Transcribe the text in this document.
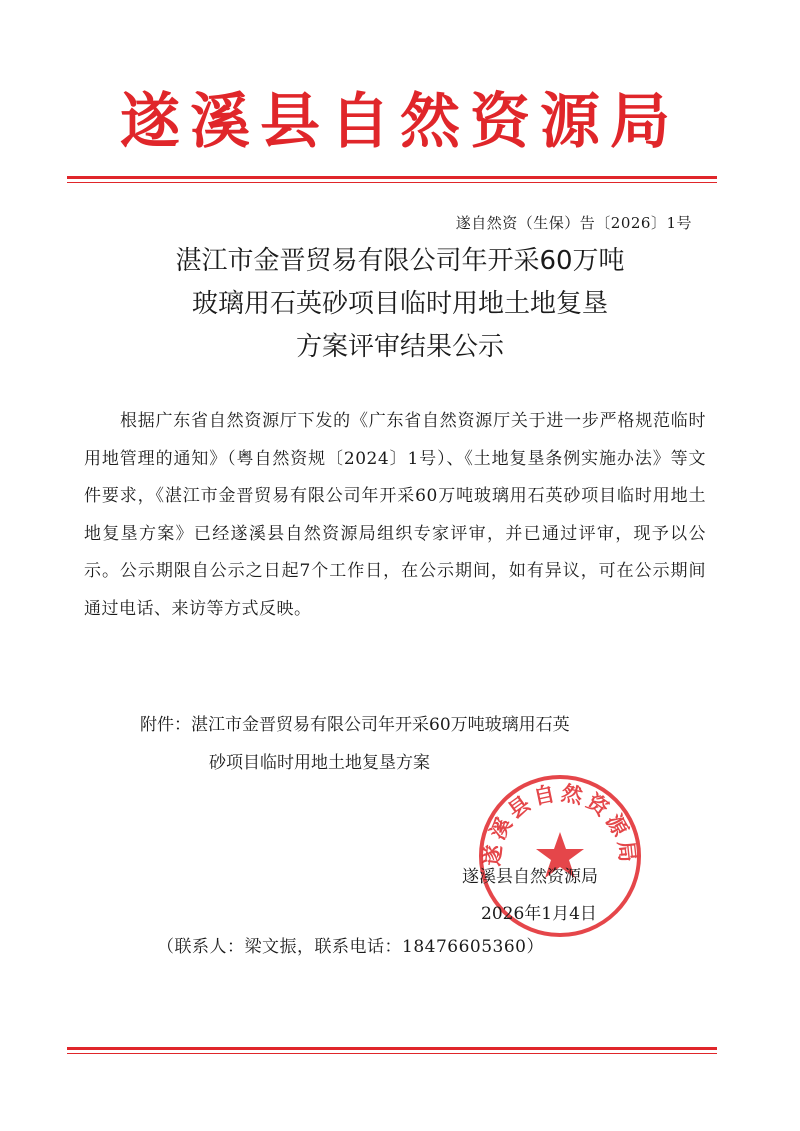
遂溪县自然资源局
遂自然资（生保）告〔2026〕1号
湛江市金晋贸易有限公司年开采60万吨
玻璃用石英砂项目临时用地土地复垦
方案评审结果公示
根据广东省自然资源厅下发的《广东省自然资源厅关于进一步严格规范临时用地管理的通知》（粤自然资规〔2024〕1号）、《土地复垦条例实施办法》等文件要求，《湛江市金晋贸易有限公司年开采60万吨玻璃用石英砂项目临时用地土地复垦方案》已经遂溪县自然资源局组织专家评审，并已通过评审，现予以公示。公示期限自公示之日起7个工作日，在公示期间，如有异议，可在公示期间通过电话、来访等方式反映。
附件：湛江市金晋贸易有限公司年开采60万吨玻璃用石英
砂项目临时用地土地复垦方案
遂溪县自然资源局
遂溪县自然资源局
2026年1月4日
（联系人：梁文振，联系电话：18476605360）
